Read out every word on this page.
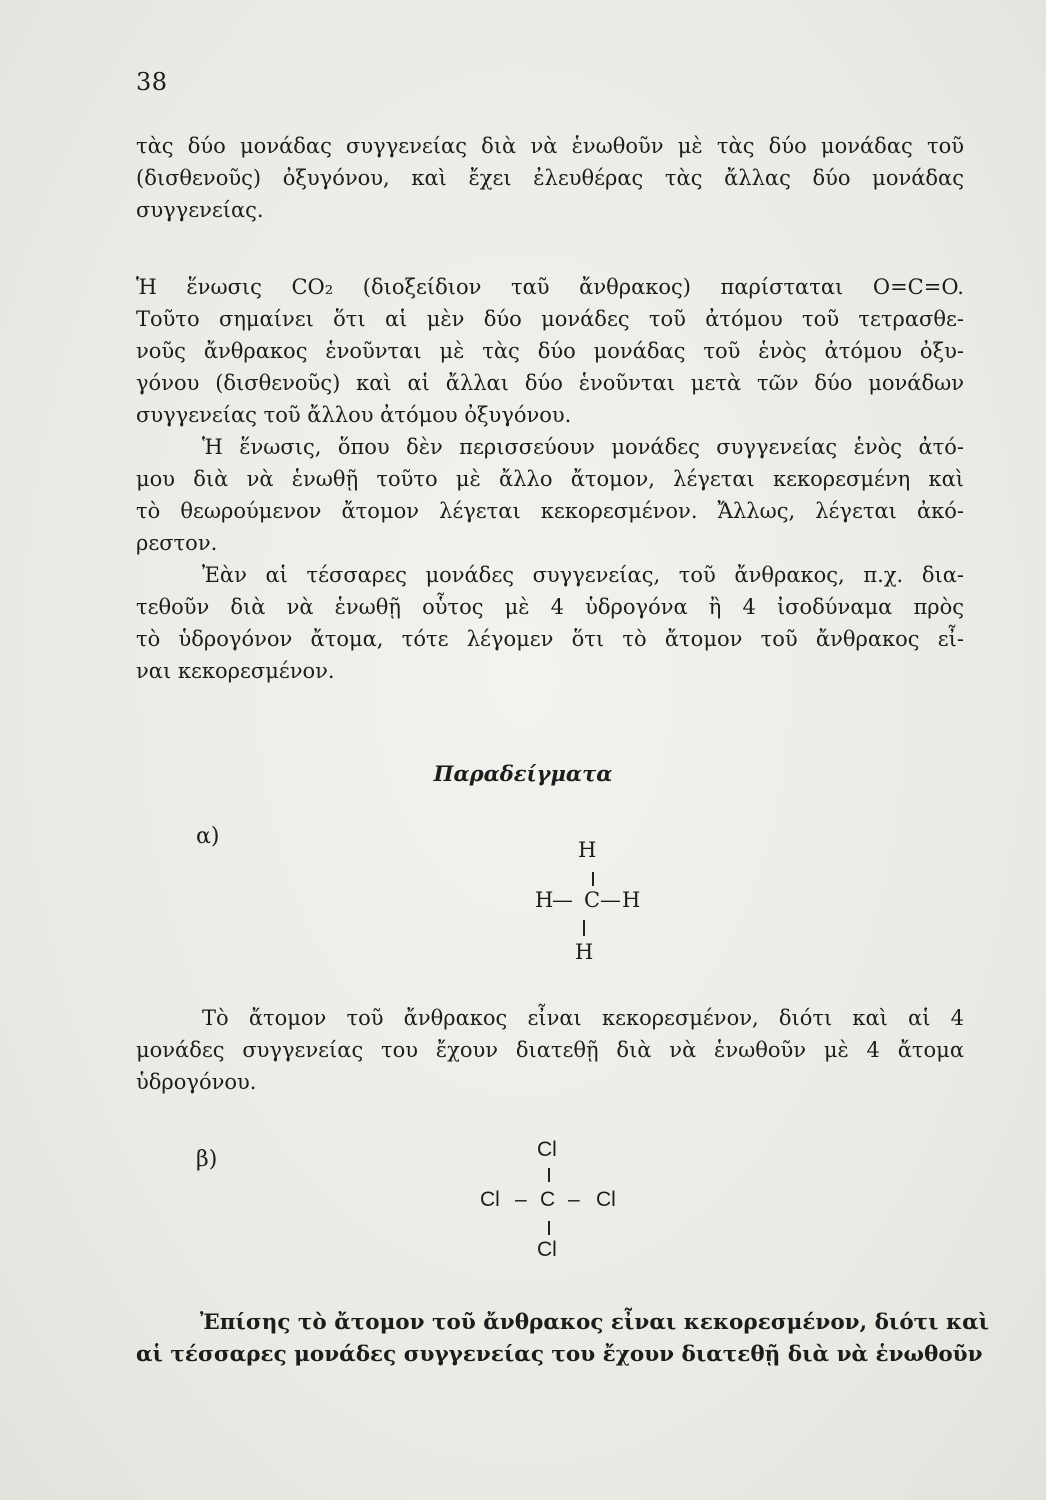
38
τὰς δύο μονάδας συγγενείας διὰ νὰ ἑνωθοῦν μὲ τὰς δύο μονάδας τοῦ
(δισθενοῦς) ὀξυγόνου, καὶ ἔχει ἐλευθέρας τὰς ἄλλας δύο μονάδας
συγγενείας.
Ἡ ἕνωσις CO₂ (διοξείδιον ταῦ ἄνθρακος) παρίσταται O=C=O.
Τοῦτο σημαίνει ὅτι αἱ μὲν δύο μονάδες τοῦ ἀτόμου τοῦ τετρασθε-
νοῦς ἄνθρακος ἑνοῦνται μὲ τὰς δύο μονάδας τοῦ ἑνὸς ἀτόμου ὀξυ-
γόνου (δισθενοῦς) καὶ αἱ ἄλλαι δύο ἑνοῦνται μετὰ τῶν δύο μονάδων
συγγενείας τοῦ ἄλλου ἀτόμου ὀξυγόνου.
Ἡ ἕνωσις, ὅπου δὲν περισσεύουν μονάδες συγγενείας ἑνὸς ἀτό-
μου διὰ νὰ ἑνωθῇ τοῦτο μὲ ἄλλο ἄτομον, λέγεται κεκορεσμένη καὶ
τὸ θεωρούμενον ἄτομον λέγεται κεκορεσμένον. Ἄλλως, λέγεται ἀκό-
ρεστον.
Ἐὰν αἱ τέσσαρες μονάδες συγγενείας, τοῦ ἄνθρακος, π.χ. δια-
τεθοῦν διὰ νὰ ἑνωθῇ οὗτος μὲ 4 ὑδρογόνα ἢ 4 ἰσοδύναμα πρὸς
τὸ ὑδρογόνον ἄτομα, τότε λέγομεν ὅτι τὸ ἄτομον τοῦ ἄνθρακος εἶ-
ναι κεκορεσμένον.
Παραδείγματα
α)
H
H
— C — H
H
Τὸ ἄτομον τοῦ ἄνθρακος εἶναι κεκορεσμένον, διότι καὶ αἱ 4
μονάδες συγγενείας του ἔχουν διατεθῇ διὰ νὰ ἑνωθοῦν μὲ 4 ἄτομα
ὑδρογόνου.
β)	Cl
Cl – C – Cl
Cl
Ἐπίσης τὸ ἄτομον τοῦ ἄνθρακος εἶναι κεκορεσμένον, διότι καὶ
αἱ τέσσαρες μονάδες συγγενείας του ἔχουν διατεθῇ διὰ νὰ ἑνωθοῦν
